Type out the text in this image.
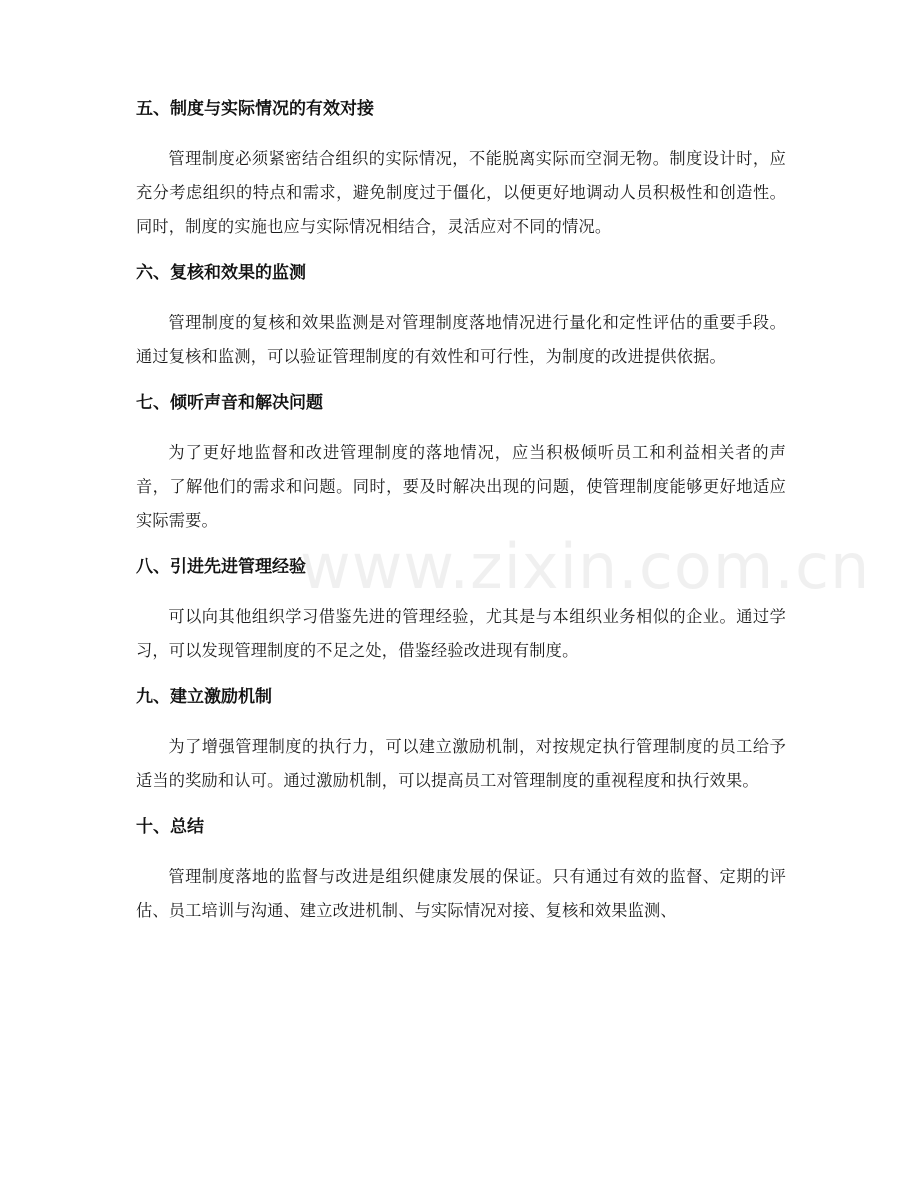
www.zixin.com.cn
五、制度与实际情况的有效对接

管理制度必须紧密结合组织的实际情况，不能脱离实际而空洞无物。制度设计时，应充分考虑组织的特点和需求，避免制度过于僵化，以便更好地调动人员积极性和创造性。同时，制度的实施也应与实际情况相结合，灵活应对不同的情况。

六、复核和效果的监测

管理制度的复核和效果监测是对管理制度落地情况进行量化和定性评估的重要手段。通过复核和监测，可以验证管理制度的有效性和可行性，为制度的改进提供依据。

七、倾听声音和解决问题

为了更好地监督和改进管理制度的落地情况，应当积极倾听员工和利益相关者的声音，了解他们的需求和问题。同时，要及时解决出现的问题，使管理制度能够更好地适应实际需要。

八、引进先进管理经验

可以向其他组织学习借鉴先进的管理经验，尤其是与本组织业务相似的企业。通过学习，可以发现管理制度的不足之处，借鉴经验改进现有制度。

九、建立激励机制

为了增强管理制度的执行力，可以建立激励机制，对按规定执行管理制度的员工给予适当的奖励和认可。通过激励机制，可以提高员工对管理制度的重视程度和执行效果。

十、总结

管理制度落地的监督与改进是组织健康发展的保证。只有通过有效的监督、定期的评估、员工培训与沟通、建立改进机制、与实际情况对接、复核和效果监测、
